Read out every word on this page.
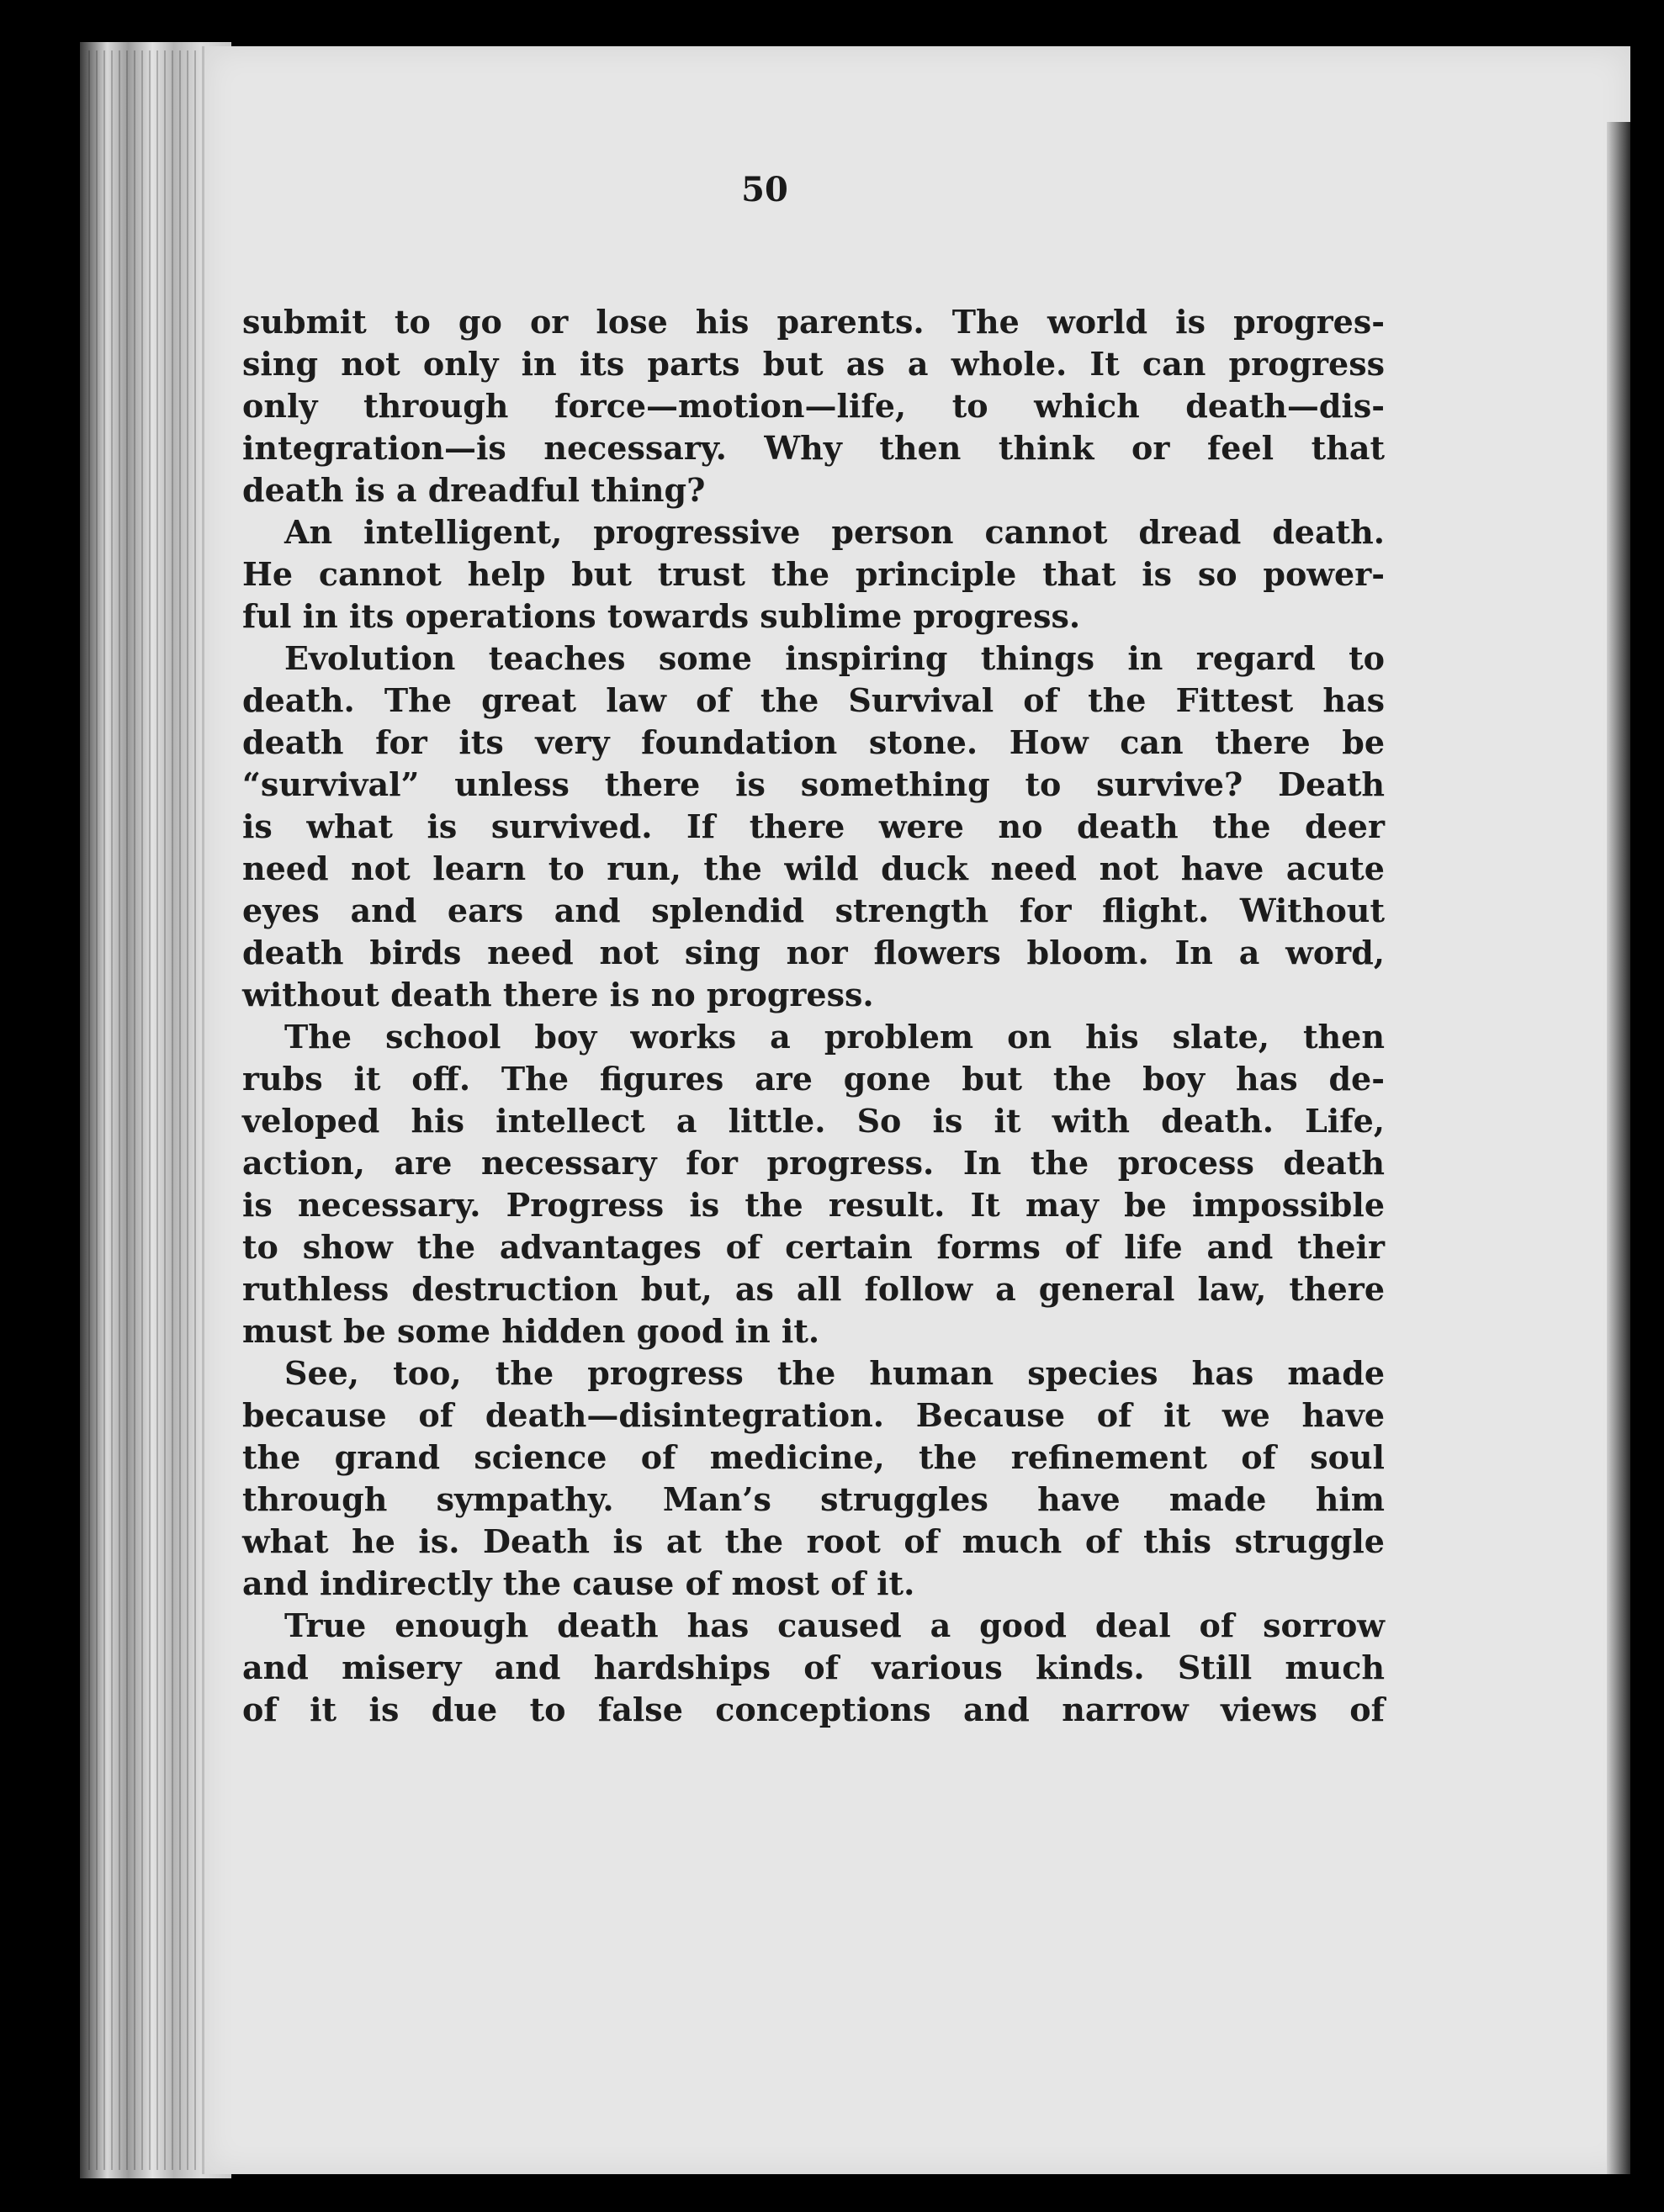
50
submit to go or lose his parents. The world is progres-
sing not only in its parts but as a whole. It can progress
only through force—motion—life, to which death—dis-
integration—is necessary. Why then think or feel that
death is a dreadful thing?
An intelligent, progressive person cannot dread death.
He cannot help but trust the principle that is so power-
ful in its operations towards sublime progress.
Evolution teaches some inspiring things in regard to
death. The great law of the Survival of the Fittest has
death for its very foundation stone. How can there be
“survival” unless there is something to survive? Death
is what is survived. If there were no death the deer
need not learn to run, the wild duck need not have acute
eyes and ears and splendid strength for flight. Without
death birds need not sing nor flowers bloom. In a word,
without death there is no progress.
The school boy works a problem on his slate, then
rubs it off. The figures are gone but the boy has de-
veloped his intellect a little. So is it with death. Life,
action, are necessary for progress. In the process death
is necessary. Progress is the result. It may be impossible
to show the advantages of certain forms of life and their
ruthless destruction but, as all follow a general law, there
must be some hidden good in it.
See, too, the progress the human species has made
because of death—disintegration. Because of it we have
the grand science of medicine, the refinement of soul
through sympathy. Man’s struggles have made him
what he is. Death is at the root of much of this struggle
and indirectly the cause of most of it.
True enough death has caused a good deal of sorrow
and misery and hardships of various kinds. Still much
of it is due to false conceptions and narrow views of
